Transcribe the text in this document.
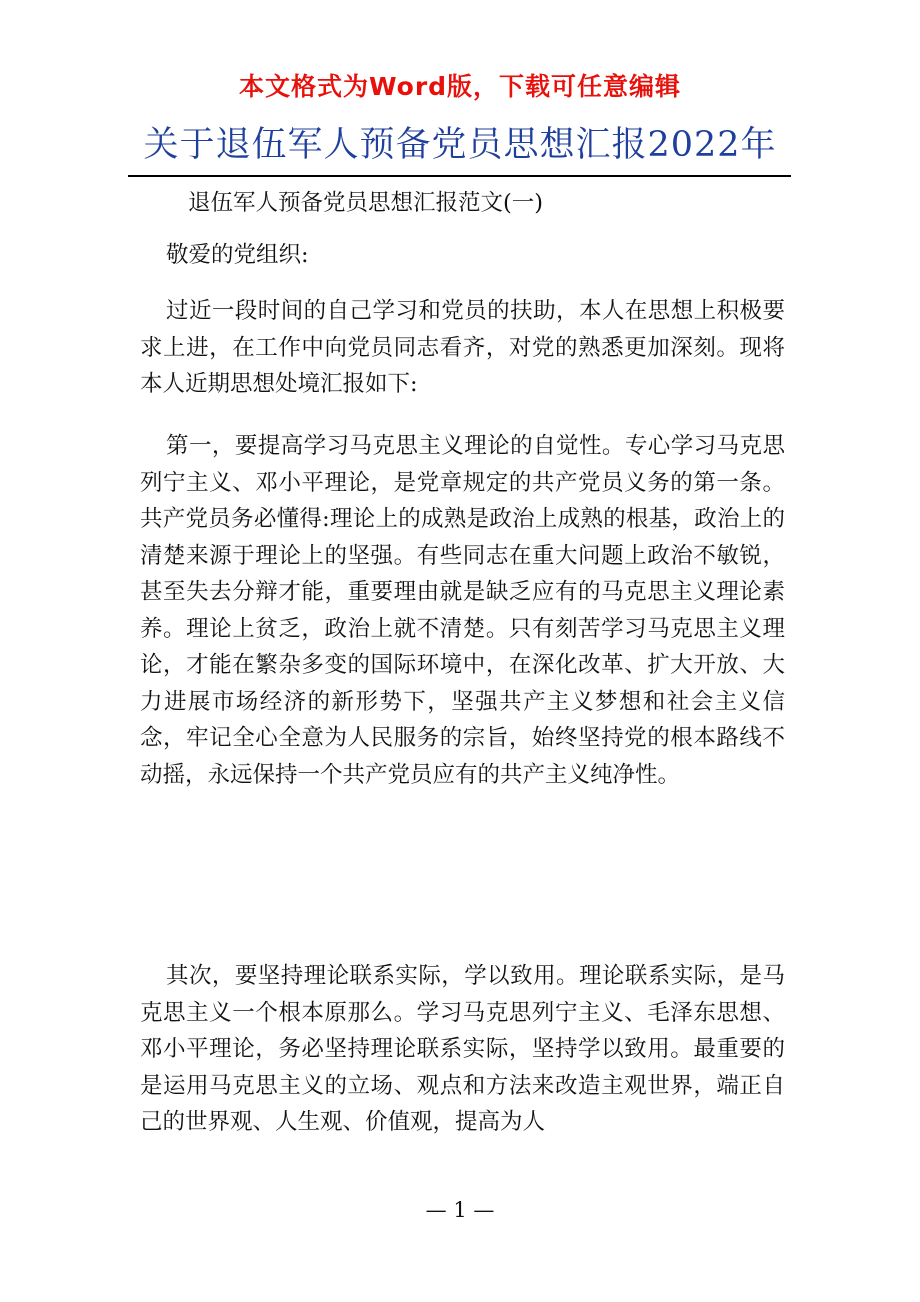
本文格式为Word版，下载可任意编辑
关于退伍军人预备党员思想汇报2022年
退伍军人预备党员思想汇报范文(一)
敬爱的党组织:

过近一段时间的自己学习和党员的扶助，本人在思想上积极要求上进，在工作中向党员同志看齐，对党的熟悉更加深刻。现将本人近期思想处境汇报如下:

第一，要提高学习马克思主义理论的自觉性。专心学习马克思列宁主义、邓小平理论，是党章规定的共产党员义务的第一条。共产党员务必懂得:理论上的成熟是政治上成熟的根基，政治上的清楚来源于理论上的坚强。有些同志在重大问题上政治不敏锐，甚至失去分辩才能，重要理由就是缺乏应有的马克思主义理论素养。理论上贫乏，政治上就不清楚。只有刻苦学习马克思主义理论，才能在繁杂多变的国际环境中，在深化改革、扩大开放、大力进展市场经济的新形势下，坚强共产主义梦想和社会主义信念，牢记全心全意为人民服务的宗旨，始终坚持党的根本路线不动摇，永远保持一个共产党员应有的共产主义纯净性。

其次，要坚持理论联系实际，学以致用。理论联系实际，是马克思主义一个根本原那么。学习马克思列宁主义、毛泽东思想、邓小平理论，务必坚持理论联系实际，坚持学以致用。最重要的是运用马克思主义的立场、观点和方法来改造主观世界，端正自己的世界观、人生观、价值观，提高为人

— 1 —
